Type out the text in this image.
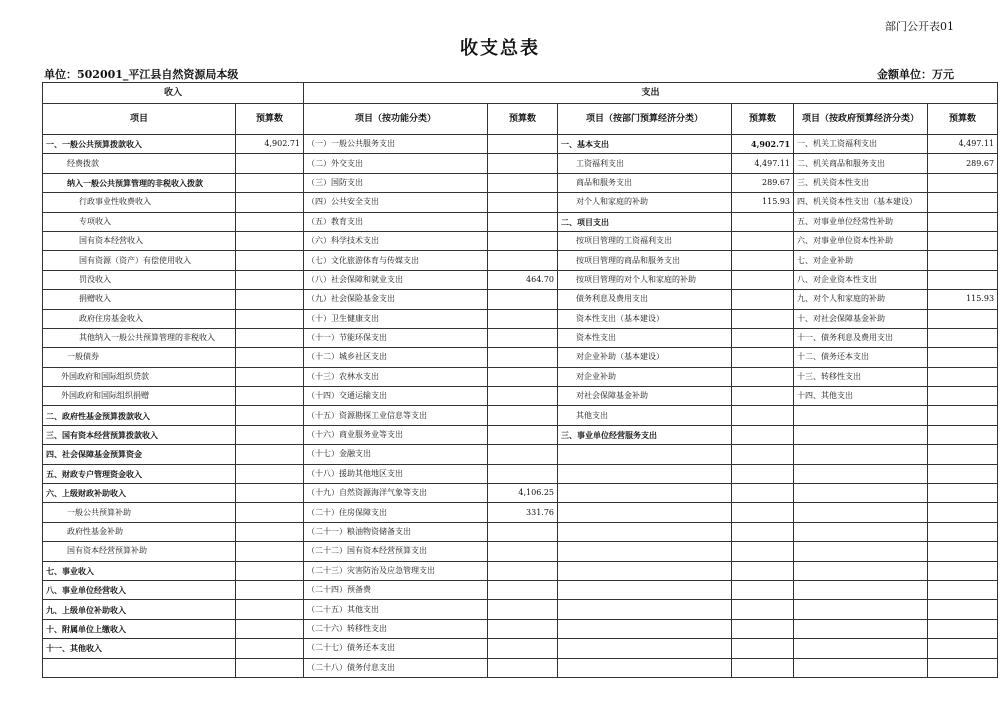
部门公开表01
收支总表
单位：502001_平江县自然资源局本级	金额单位：万元
收入		支出					
项目	预算数	项目（按功能分类）	预算数	项目（按部门预算经济分类）	预算数	项目（按政府预算经济分类）	预算数
一、一般公共预算拨款收入	4,902.71	（一）一般公共服务支出		一、基本支出	4,902.71	一、机关工资福利支出	4,497.11
经费拨款		（二）外交支出		工资福利支出	4,497.11	二、机关商品和服务支出	289.67
纳入一般公共预算管理的非税收入拨款		（三）国防支出		商品和服务支出	289.67	三、机关资本性支出	
行政事业性收费收入		（四）公共安全支出		对个人和家庭的补助	115.93	四、机关资本性支出（基本建设）	
专项收入		（五）教育支出		二、项目支出		五、对事业单位经常性补助	
国有资本经营收入		（六）科学技术支出		按项目管理的工资福利支出		六、对事业单位资本性补助	
国有资源（资产）有偿使用收入		（七）文化旅游体育与传媒支出		按项目管理的商品和服务支出		七、对企业补助	
罚没收入		（八）社会保障和就业支出	464.70	按项目管理的对个人和家庭的补助		八、对企业资本性支出	
捐赠收入		（九）社会保险基金支出		债务利息及费用支出		九、对个人和家庭的补助	115.93
政府住房基金收入		（十）卫生健康支出		资本性支出（基本建设）		十、对社会保障基金补助	
其他纳入一般公共预算管理的非税收入		（十一）节能环保支出		资本性支出		十一、债务利息及费用支出	
一般债券		（十二）城乡社区支出		对企业补助（基本建设）		十二、债务还本支出	
外国政府和国际组织贷款		（十三）农林水支出		对企业补助		十三、转移性支出	
外国政府和国际组织捐赠		（十四）交通运输支出		对社会保障基金补助		十四、其他支出	
二、政府性基金预算拨款收入		（十五）资源勘探工业信息等支出		其他支出			
三、国有资本经营预算拨款收入		（十六）商业服务业等支出		三、事业单位经营服务支出			
四、社会保障基金预算资金		（十七）金融支出					
五、财政专户管理资金收入		（十八）援助其他地区支出					
六、上级财政补助收入		（十九）自然资源海洋气象等支出	4,106.25				
一般公共预算补助		（二十）住房保障支出	331.76				
政府性基金补助		（二十一）粮油物资储备支出					
国有资本经营预算补助		（二十二）国有资本经营预算支出					
七、事业收入		（二十三）灾害防治及应急管理支出					
八、事业单位经营收入		（二十四）预备费					
九、上级单位补助收入		（二十五）其他支出					
十、附属单位上缴收入		（二十六）转移性支出					
十一、其他收入		（二十七）债务还本支出					
		（二十八）债务付息支出					
